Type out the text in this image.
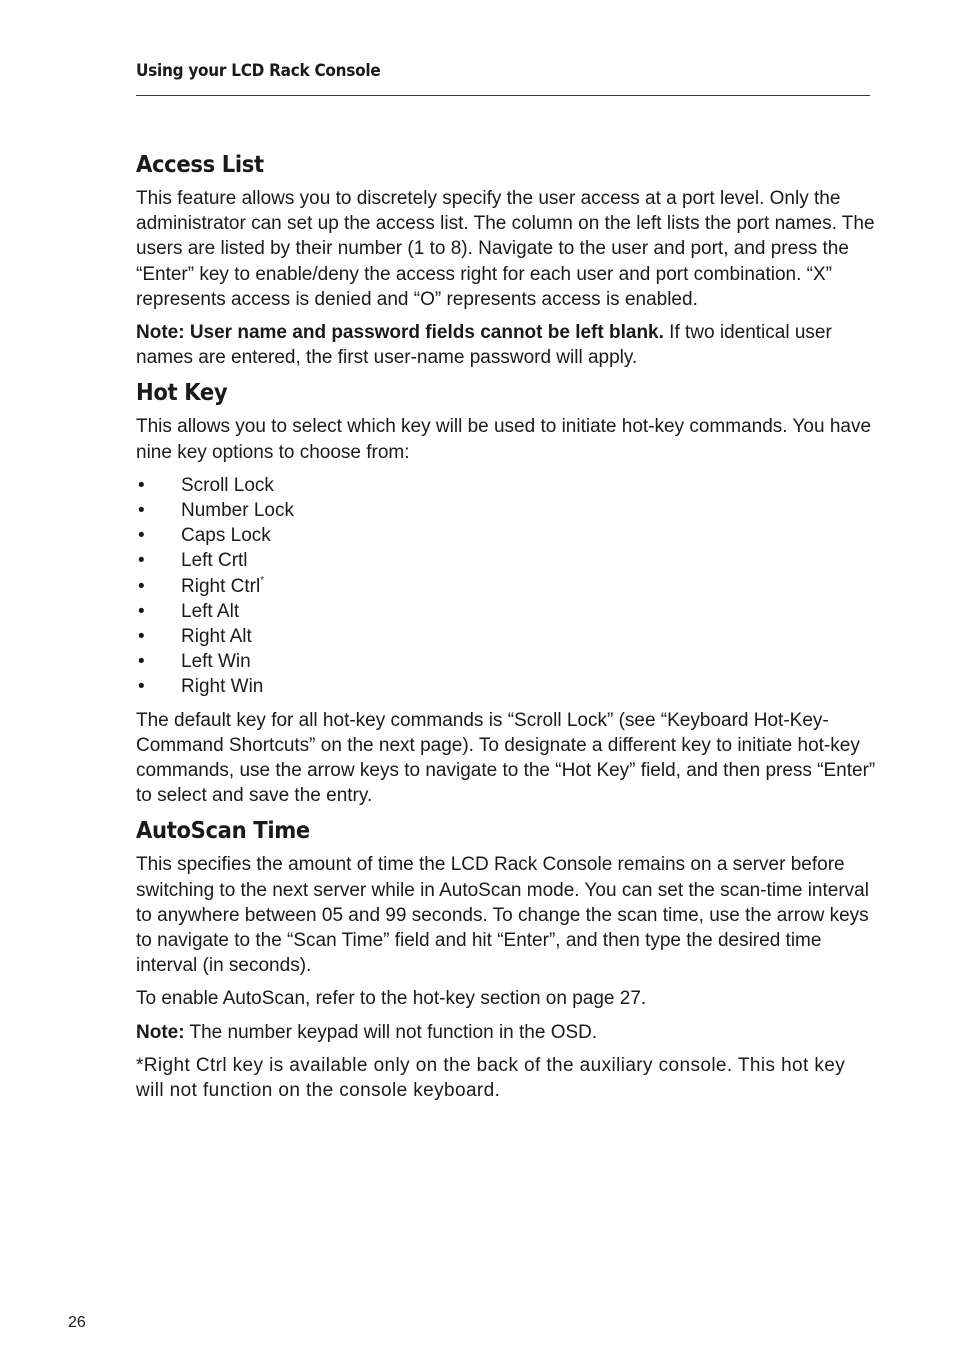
Using your LCD Rack Console
Access List

This feature allows you to discretely specify the user access at a port level. Only the administrator can set up the access list. The column on the left lists the port names. The users are listed by their number (1 to 8). Navigate to the user and port, and press the “Enter” key to enable/deny the access right for each user and port combination. “X” represents access is denied and “O” represents access is enabled.

Note: User name and password fields cannot be left blank. If two identical user names are entered, the first user-name password will apply.

Hot Key

This allows you to select which key will be used to initiate hot-key commands. You have nine key options to choose from:

• Scroll Lock
• Number Lock
• Caps Lock
• Left Crtl
• Right Ctrl*
• Left Alt
• Right Alt
• Left Win
• Right Win

The default key for all hot-key commands is “Scroll Lock” (see “Keyboard Hot-Key-Command Shortcuts” on the next page). To designate a different key to initiate hot-key commands, use the arrow keys to navigate to the “Hot Key” field, and then press “Enter” to select and save the entry.

AutoScan Time

This specifies the amount of time the LCD Rack Console remains on a server before switching to the next server while in AutoScan mode. You can set the scan-time interval to anywhere between 05 and 99 seconds. To change the scan time, use the arrow keys to navigate to the “Scan Time” field and hit “Enter”, and then type the desired time interval (in seconds).

To enable AutoScan, refer to the hot-key section on page 27.

Note: The number keypad will not function in the OSD.

*Right Ctrl key is available only on the back of the auxiliary console. This hot key will not function on the console keyboard.

26
